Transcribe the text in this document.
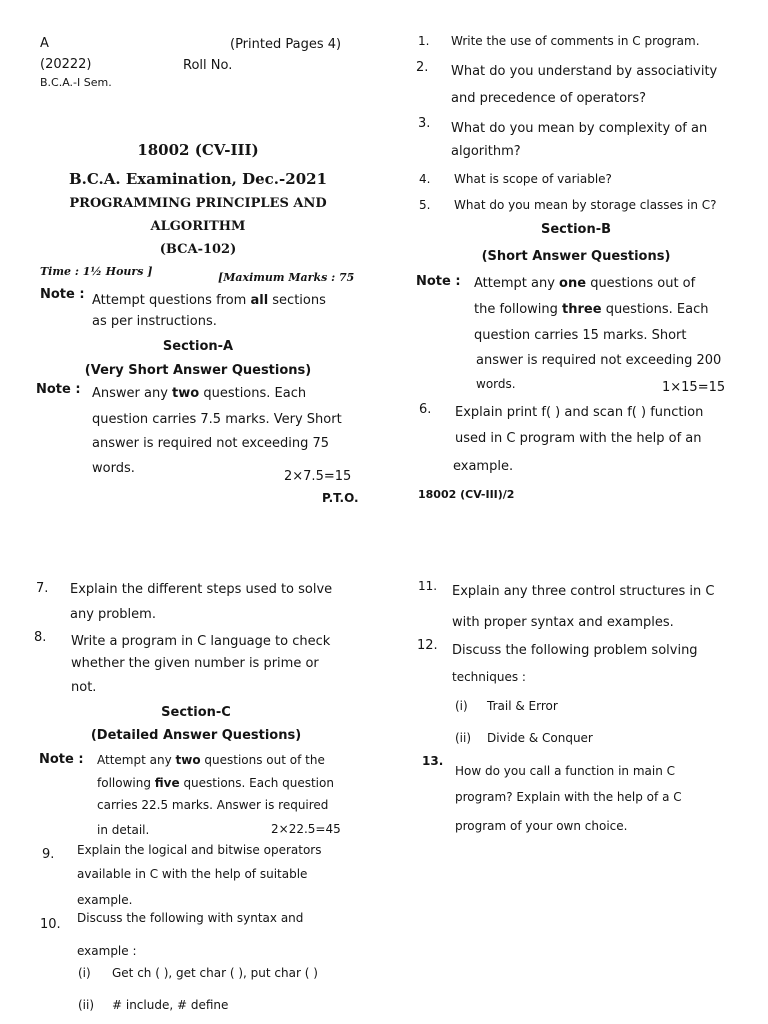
A	(Printed Pages 4)
(20222)	Roll No.
B.C.A.-I Sem.
18002 (CV-III)
B.C.A. Examination, Dec.-2021
PROGRAMMING PRINCIPLES AND
ALGORITHM
(BCA-102)
Time : 1½ Hours ]	[Maximum Marks : 75
Note : Attempt questions from all sections
as per instructions.
Section-A
(Very Short Answer Questions)
Note : Answer any two questions. Each
question carries 7.5 marks. Very Short
answer is required not exceeding 75
words.
2×7.5=15
P.T.O.
1. Write the use of comments in C program.
2. What do you understand by associativity
and precedence of operators?
3. What do you mean by complexity of an
algorithm?
4. What is scope of variable?
5. What do you mean by storage classes in C?
Section-B
(Short Answer Questions)
Note : Attempt any one questions out of
the following three questions. Each
question carries 15 marks. Short
answer is required not exceeding 200
words.	1×15=15
6. Explain print f( ) and scan f( ) function
used in C program with the help of an
example.
18002 (CV-III)/2
7. Explain the different steps used to solve
any problem.
8. Write a program in C language to check
whether the given number is prime or
not.
Section-C
(Detailed Answer Questions)
Note : Attempt any two questions out of the
following five questions. Each question
carries 22.5 marks. Answer is required
in detail.	2×22.5=45
9. Explain the logical and bitwise operators
available in C with the help of suitable
example.
10. Discuss the following with syntax and
example :
(i) Get ch ( ), get char ( ), put char ( )
(ii) # include, # define
11. Explain any three control structures in C
with proper syntax and examples.
12. Discuss the following problem solving
techniques :
(i) Trail & Error
(ii) Divide & Conquer
13.
How do you call a function in main C
program? Explain with the help of a C
program of your own choice.
